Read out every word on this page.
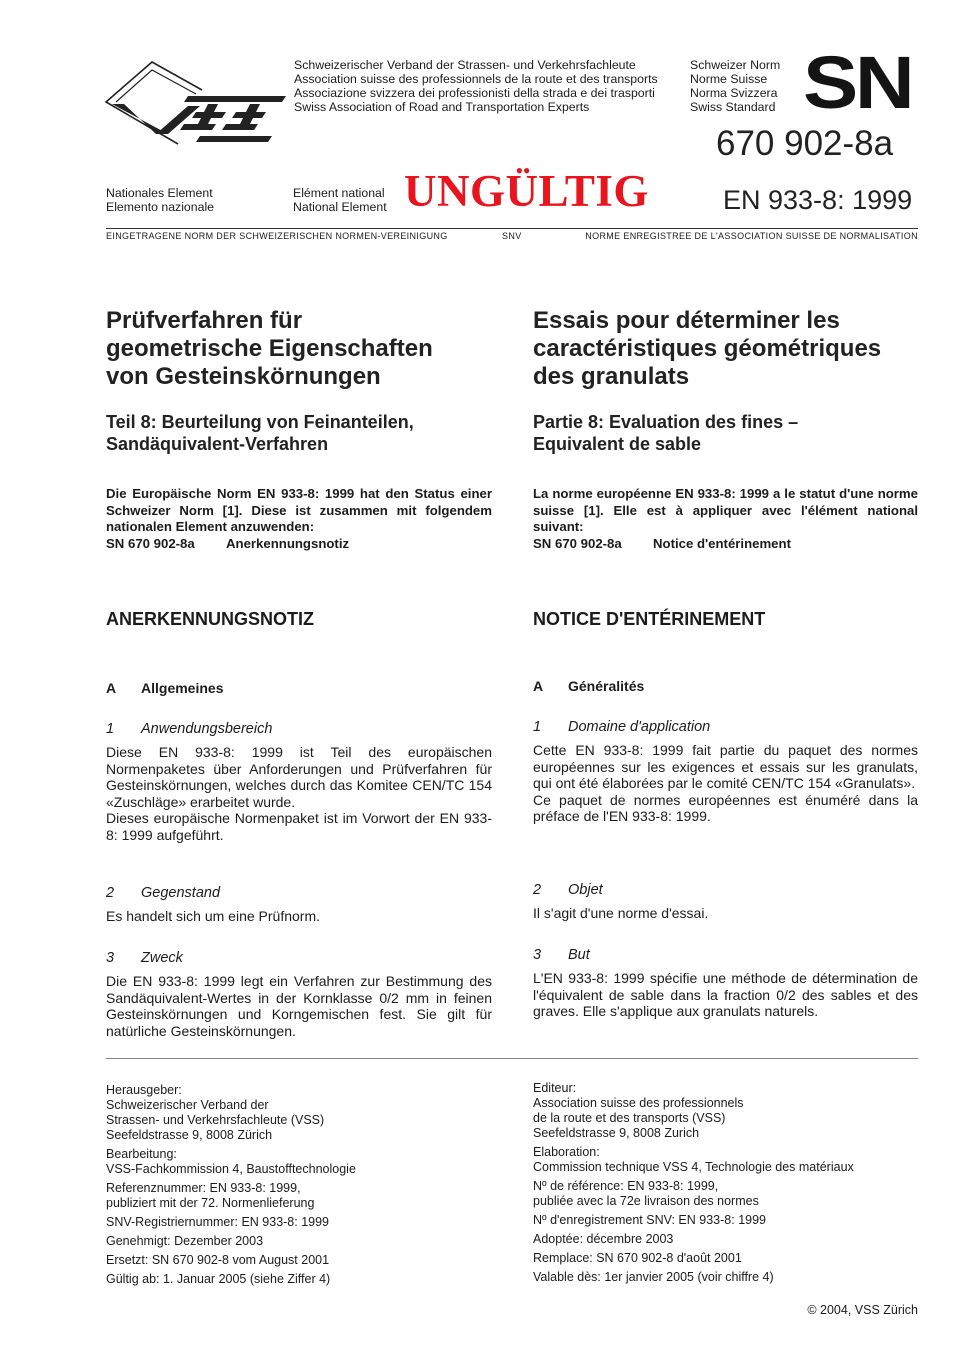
Schweizerischer Verband der Strassen- und Verkehrsfachleute
Association suisse des professionnels de la route et des transports
Associazione svizzera dei professionisti della strada e dei trasporti
Swiss Association of Road and Transportation Experts
Schweizer Norm
Norme Suisse
Norma Svizzera
Swiss Standard SN
670 902-8a
Nationales Element
Elemento nazionale
Elément national
National Element UNGÜLTIG	EN 933-8: 1999
EINGETRAGENE NORM DER SCHWEIZERISCHEN NORMEN-VEREINIGUNG	SNV	NORME ENREGISTREE DE L'ASSOCIATION SUISSE DE NORMALISATION
Prüfverfahren für
geometrische Eigenschaften
von Gesteinskörnungen
Teil 8: Beurteilung von Feinanteilen,
Sandäquivalent-Verfahren
Die Europäische Norm EN 933-8: 1999 hat den Status einer Schweizer Norm [1]. Diese ist zusammen mit folgendem nationalen Element anzuwenden:
SN 670 902-8a Anerkennungsnotiz
ANERKENNUNGSNOTIZ
A Allgemeines
1 Anwendungsbereich

Diese EN 933-8: 1999 ist Teil des europäischen Normenpaketes über Anforderungen und Prüfverfahren für Gesteinskörnungen, welches durch das Komitee CEN/TC 154 «Zuschläge» erarbeitet wurde.

Dieses europäische Normenpaket ist im Vorwort der EN 933-8: 1999 aufgeführt.

2 Gegenstand

Es handelt sich um eine Prüfnorm.

3 Zweck

Die EN 933-8: 1999 legt ein Verfahren zur Bestimmung des Sandäquivalent-Wertes in der Kornklasse 0/2 mm in feinen Gesteinskörnungen und Korngemischen fest. Sie gilt für natürliche Gesteinskörnungen.

Essais pour déterminer les
caractéristiques géométriques
des granulats
Partie 8: Evaluation des fines –
Equivalent de sable
La norme européenne EN 933-8: 1999 a le statut d'une norme suisse [1]. Elle est à appliquer avec l'élément national suivant:
SN 670 902-8a Notice d'entérinement
NOTICE D'ENTÉRINEMENT
A Généralités
1 Domaine d'application

Cette EN 933-8: 1999 fait partie du paquet des normes européennes sur les exigences et essais sur les granulats, qui ont été élaborées par le comité CEN/TC 154 «Granulats».

Ce paquet de normes européennes est énuméré dans la préface de l'EN 933-8: 1999.

2 Objet

Il s'agit d'une norme d'essai.

3 But

L'EN 933-8: 1999 spécifie une méthode de détermination de l'équivalent de sable dans la fraction 0/2 des sables et des graves. Elle s'applique aux granulats naturels.

Herausgeber:
Schweizerischer Verband der
Strassen- und Verkehrsfachleute (VSS)
Seefeldstrasse 9, 8008 Zürich
Bearbeitung:
VSS-Fachkommission 4, Baustofftechnologie
Referenznummer: EN 933-8: 1999,
publiziert mit der 72. Normenlieferung
SNV-Registriernummer: EN 933-8: 1999
Genehmigt: Dezember 2003
Ersetzt: SN 670 902-8 vom August 2001
Gültig ab: 1. Januar 2005 (siehe Ziffer 4)
Editeur:
Association suisse des professionnels
de la route et des transports (VSS)
Seefeldstrasse 9, 8008 Zurich
Elaboration:
Commission technique VSS 4, Technologie des matériaux
Nº de référence: EN 933-8: 1999,
publiée avec la 72e livraison des normes
Nº d'enregistrement SNV: EN 933-8: 1999
Adoptée: décembre 2003
Remplace: SN 670 902-8 d'août 2001
Valable dès: 1er janvier 2005 (voir chiffre 4)
© 2004, VSS Zürich
